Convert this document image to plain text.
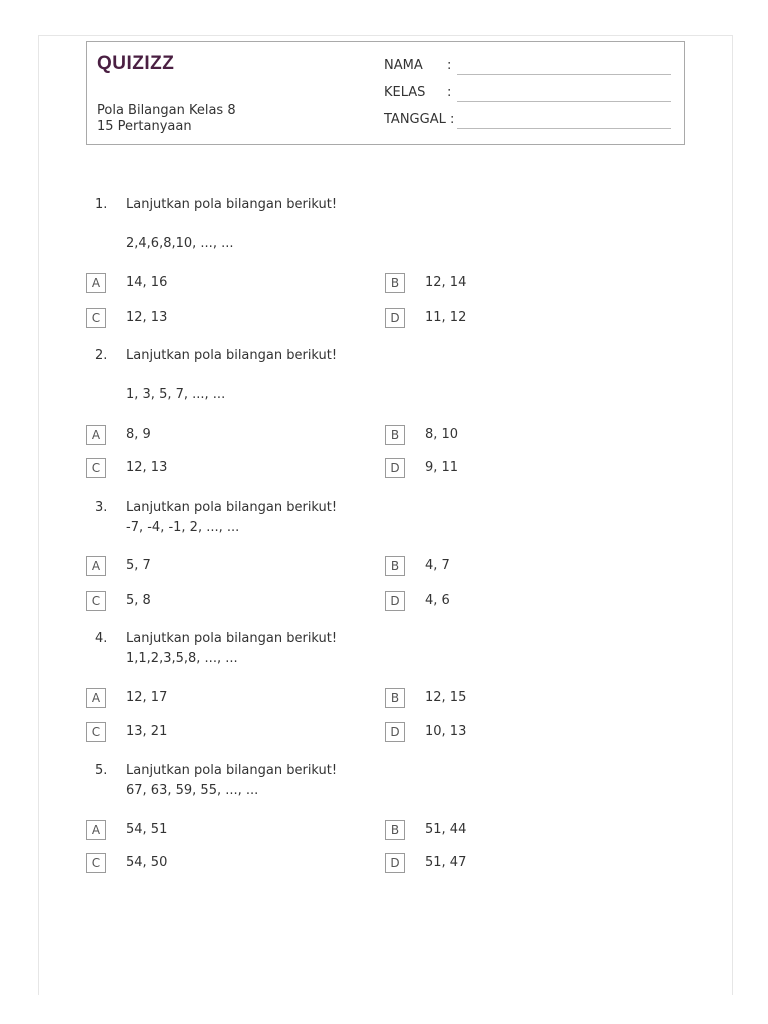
QUIZIZZ
Pola Bilangan Kelas 8
15 Pertanyaan
NAMA :
KELAS :
TANGGAL :
1. Lanjutkan pola bilangan berikut!
2,4,6,8,10, ..., ...
A	14, 16	B	12, 14
C	12, 13	D	11, 12
2. Lanjutkan pola bilangan berikut!
1, 3, 5, 7, ..., ...
A	8, 9	B	8, 10
C	12, 13	D	9, 11
3. Lanjutkan pola bilangan berikut!
-7, -4, -1, 2, ..., ...
A	5, 7	B	4, 7
C	5, 8	D	4, 6
4. Lanjutkan pola bilangan berikut!
1,1,2,3,5,8, ..., ...
A	12, 17	B	12, 15
C	13, 21	D	10, 13
5. Lanjutkan pola bilangan berikut!
67, 63, 59, 55, ..., ...
A	54, 51	B	51, 44
C	54, 50	D	51, 47
